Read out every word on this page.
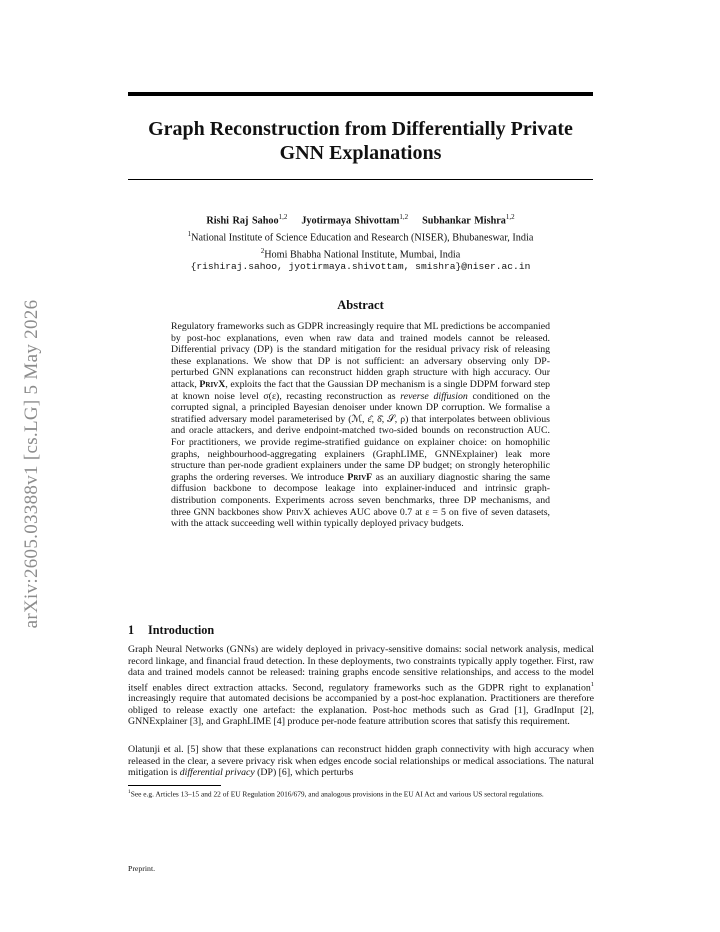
arXiv:2605.03388v1 [cs.LG] 5 May 2026
Graph Reconstruction from Differentially Private
GNN Explanations
Rishi Raj Sahoo$^{1,2}$ Jyotirmaya Shivottam$^{1,2}$ Subhankar Mishra$^{1,2}$
$^1$National Institute of Science Education and Research (NISER), Bhubaneswar, India
$^2$Homi Bhabha National Institute, Mumbai, India
{rishiraj.sahoo, jyotirmaya.shivottam, smishra}@niser.ac.in
Abstract
Regulatory frameworks such as GDPR increasingly require that ML predictions be accompanied by post-hoc explanations, even when raw data and trained models cannot be released. Differential privacy (DP) is the standard mitigation for the residual privacy risk of releasing these explanations. We show that DP is not sufficient: an adversary observing only DP-perturbed GNN explanations can reconstruct hidden graph structure with high accuracy. Our attack, PrivX, exploits the fact that the Gaussian DP mechanism is a single DDPM forward step at known noise level σ(ε), recasting reconstruction as reverse diffusion conditioned on the corrupted signal, a principled Bayesian denoiser under known DP corruption. We formalise a stratified adversary model parameterised by (ℳ, ε̂, δ̂, 𝒮, ρ) that interpolates between oblivious and oracle attackers, and derive endpoint-matched two-sided bounds on reconstruction AUC. For practitioners, we provide regime-stratified guidance on explainer choice: on homophilic graphs, neighbourhood-aggregating explainers (GraphLIME, GNNExplainer) leak more structure than per-node gradient explainers under the same DP budget; on strongly heterophilic graphs the ordering reverses. We introduce PrivF as an auxiliary diagnostic sharing the same diffusion backbone to decompose leakage into explainer-induced and intrinsic graph-distribution components. Experiments across seven benchmarks, three DP mechanisms, and three GNN backbones show PrivX achieves AUC above 0.7 at ε = 5 on five of seven datasets, with the attack succeeding well within typically deployed privacy budgets.
1 Introduction
Graph Neural Networks (GNNs) are widely deployed in privacy-sensitive domains: social network analysis, medical record linkage, and financial fraud detection. In these deployments, two constraints typically apply together. First, raw data and trained models cannot be released: training graphs encode sensitive relationships, and access to the model itself enables direct extraction attacks. Second, regulatory frameworks such as the GDPR right to explanation$^1$ increasingly require that automated decisions be accompanied by a post-hoc explanation. Practitioners are therefore obliged to release exactly one artefact: the explanation. Post-hoc methods such as Grad [1], GradInput [2], GNNExplainer [3], and GraphLIME [4] produce per-node feature attribution scores that satisfy this requirement.
Olatunji et al. [5] show that these explanations can reconstruct hidden graph connectivity with high accuracy when released in the clear, a severe privacy risk when edges encode social relationships or medical associations. The natural mitigation is differential privacy (DP) [6], which perturbs
$^1$See e.g. Articles 13–15 and 22 of EU Regulation 2016/679, and analogous provisions in the EU AI Act and various US sectoral regulations.
Preprint.
